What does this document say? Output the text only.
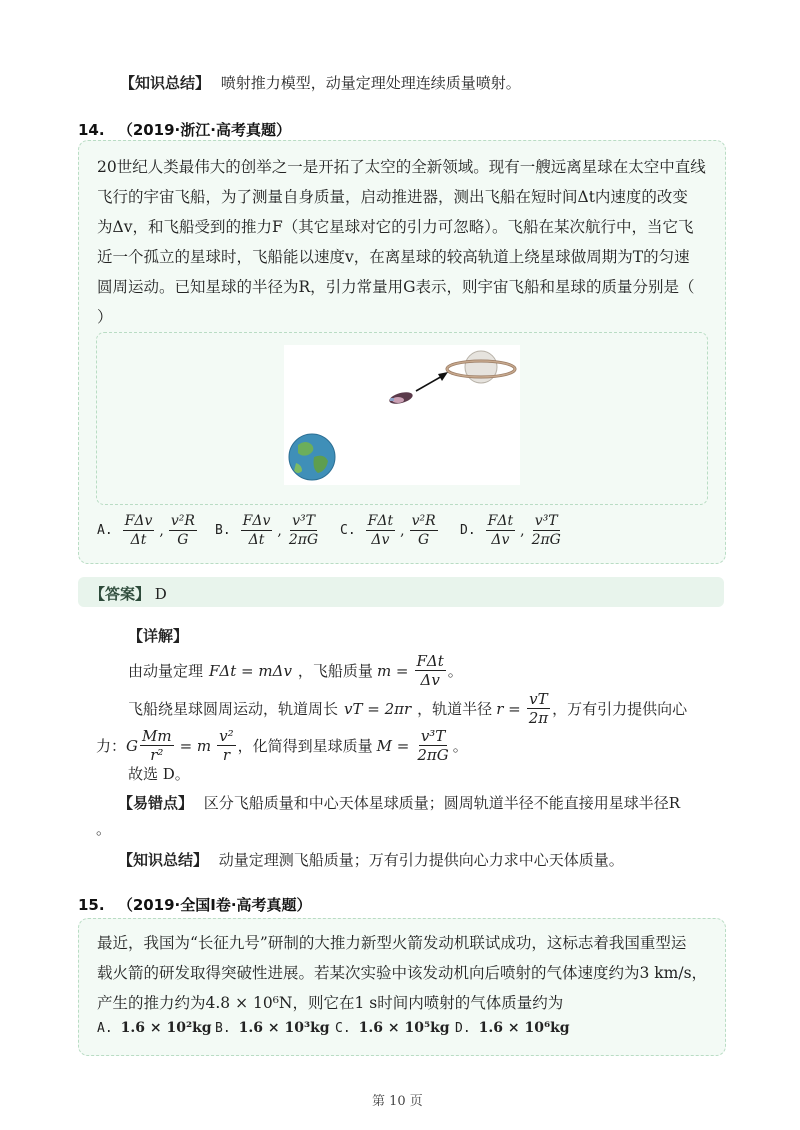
【知识总结】 喷射推力模型，动量定理处理连续质量喷射。
14. （2019·浙江·高考真题）
20世纪人类最伟大的创举之一是开拓了太空的全新领域。现有一艘远离星球在太空中直线
飞行的宇宙飞船，为了测量自身质量，启动推进器，测出飞船在短时间Δt内速度的改变
为Δv，和飞船受到的推力F（其它星球对它的引力可忽略）。飞船在某次航行中，当它飞
近一个孤立的星球时，飞船能以速度v，在离星球的较高轨道上绕星球做周期为T的匀速
圆周运动。已知星球的半径为R，引力常量用G表示，则宇宙飞船和星球的质量分别是（
）
A. $\frac{\text{FΔv}}{\Delta t}$ , $\frac{\text{v²R}}{G} B$. $\frac{\text{FΔv}}{\Delta t}$ , $\frac{\text{v³T}}{2\pi G} C$. $\frac{\text{FΔt}}{\Delta v}$ , $\frac{\text{v²R}}{G} D$. $\frac{\text{FΔt}}{\Delta v}$ , $\frac{\text{v³T}}{2\pi G}$
【答案】 D
【详解】
由动量定理 FΔt = mΔv ，飞船质量 $m = \frac{\text{FΔt}}{\Delta v}$ 。
飞船绕星球圆周运动，轨道周长 vT = 2πr ，轨道半径 $r = \frac{vT}{2\pi}$ ，万有引力提供向心
力： G $\frac{Mm}{\text{r²}} = m \frac{\text{v²}}{r}$ ，化简得到星球质量 $M = \frac{\text{v³T}}{2\pi G}$ 。
故选 D。
【易错点】 区分飞船质量和中心天体星球质量；圆周轨道半径不能直接用星球半径R
。
【知识总结】 动量定理测飞船质量；万有引力提供向心力求中心天体质量。
15. （2019·全国I卷·高考真题）
最近，我国为“长征九号”研制的大推力新型火箭发动机联试成功，这标志着我国重型运
载火箭的研发取得突破性进展。若某次实验中该发动机向后喷射的气体速度约为3 km/s，
产生的推力约为4.8 × 10⁶N，则它在1 s时间内喷射的气体质量约为
A. 1.6 × 10²kg B. 1.6 × 10³kg C. 1.6 × 10⁵kg D. 1.6 × 10⁶kg
第 10 页
